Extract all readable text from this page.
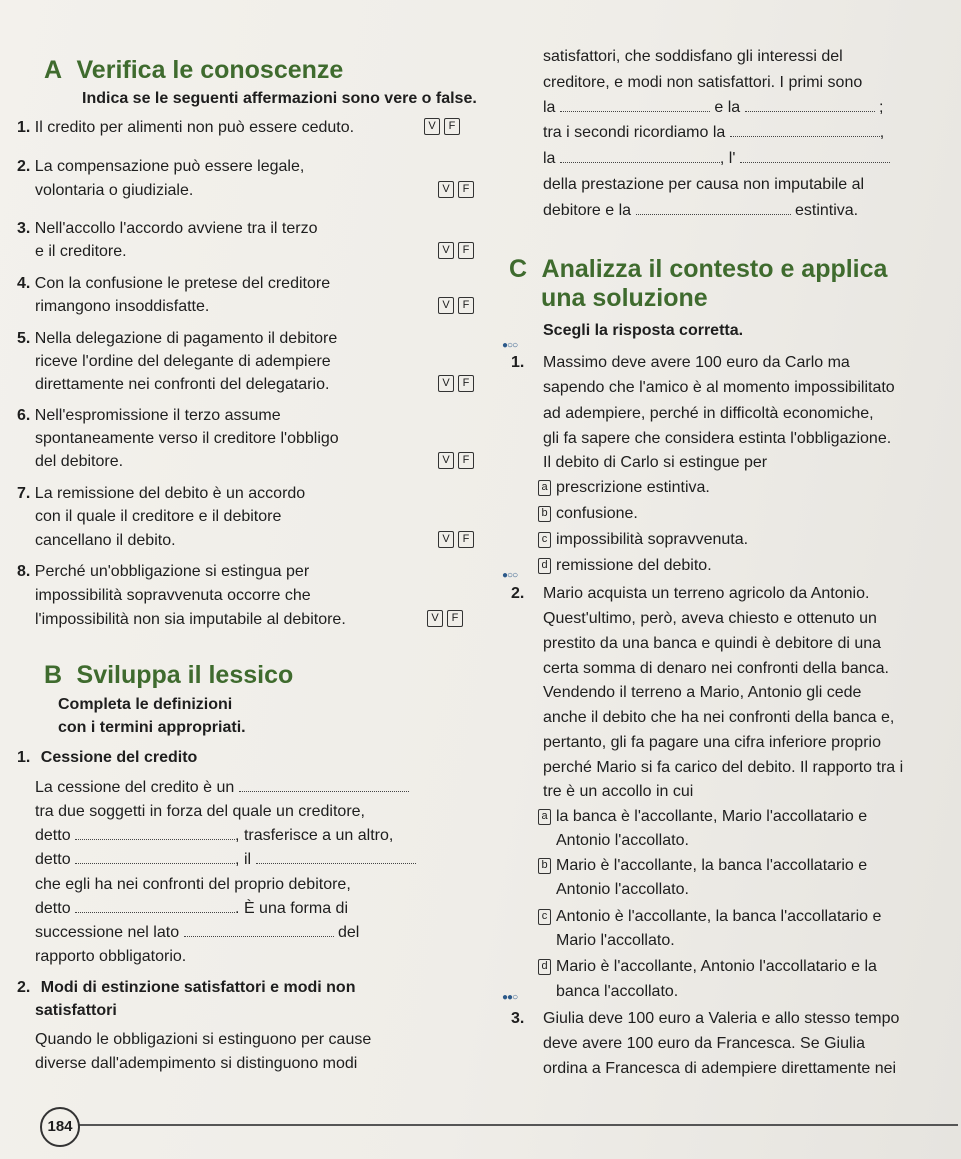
A Verifica le conoscenze
Indica se le seguenti affermazioni sono vere o false.
1. Il credito per alimenti non può essere ceduto.	V F
2. La compensazione può essere legale,
volontaria o giudiziale.	V F
3. Nell'accollo l'accordo avviene tra il terzo
e il creditore.	V F
4. Con la confusione le pretese del creditore
rimangono insoddisfatte.	V F
5. Nella delegazione di pagamento il debitore
riceve l'ordine del delegante di adempiere
direttamente nei confronti del delegatario.	V F
6. Nell'espromissione il terzo assume
spontaneamente verso il creditore l'obbligo
del debitore.	V F
7. La remissione del debito è un accordo
con il quale il creditore e il debitore
cancellano il debito.	V F
8. Perché un'obbligazione si estingua per
impossibilità sopravvenuta occorre che
l'impossibilità non sia imputabile al debitore.	V F
B Sviluppa il lessico
Completa le definizioni
con i termini appropriati.
1. Cessione del credito
La cessione del credito è un
tra due soggetti in forza del quale un creditore,
detto	, trasferisce a un altro,
detto	, il
che egli ha nei confronti del proprio debitore,
detto	. È una forma di
successione nel lato	del
rapporto obbligatorio.
2. Modi di estinzione satisfattori e modi non
satisfattori
Quando le obbligazioni si estinguono per cause
diverse dall'adempimento si distinguono modi
satisfattori, che soddisfano gli interessi del
creditore, e modi non satisfattori. I primi sono
la	e la	;
tra i secondi ricordiamo la	,
la	, l'
della prestazione per causa non imputabile al
debitore e la	estintiva.
C Analizza il contesto e applica
una soluzione
Scegli la risposta corretta.
●○○
1. Massimo deve avere 100 euro da Carlo ma
sapendo che l'amico è al momento impossibilitato
ad adempiere, perché in difficoltà economiche,
gli fa sapere che considera estinta l'obbligazione.
Il debito di Carlo si estingue per
a prescrizione estintiva.
b confusione.
c impossibilità sopravvenuta.
d remissione del debito.
●○○
2. Mario acquista un terreno agricolo da Antonio.
Quest'ultimo, però, aveva chiesto e ottenuto un
prestito da una banca e quindi è debitore di una
certa somma di denaro nei confronti della banca.
Vendendo il terreno a Mario, Antonio gli cede
anche il debito che ha nei confronti della banca e,
pertanto, gli fa pagare una cifra inferiore proprio
perché Mario si fa carico del debito. Il rapporto tra i
tre è un accollo in cui
a la banca è l'accollante, Mario l'accollatario e
Antonio l'accollato.
b Mario è l'accollante, la banca l'accollatario e
Antonio l'accollato.
c Antonio è l'accollante, la banca l'accollatario e
Mario l'accollato.
d Mario è l'accollante, Antonio l'accollatario e la
banca l'accollato.
●●○
3. Giulia deve 100 euro a Valeria e allo stesso tempo
deve avere 100 euro da Francesca. Se Giulia
ordina a Francesca di adempiere direttamente nei
184
